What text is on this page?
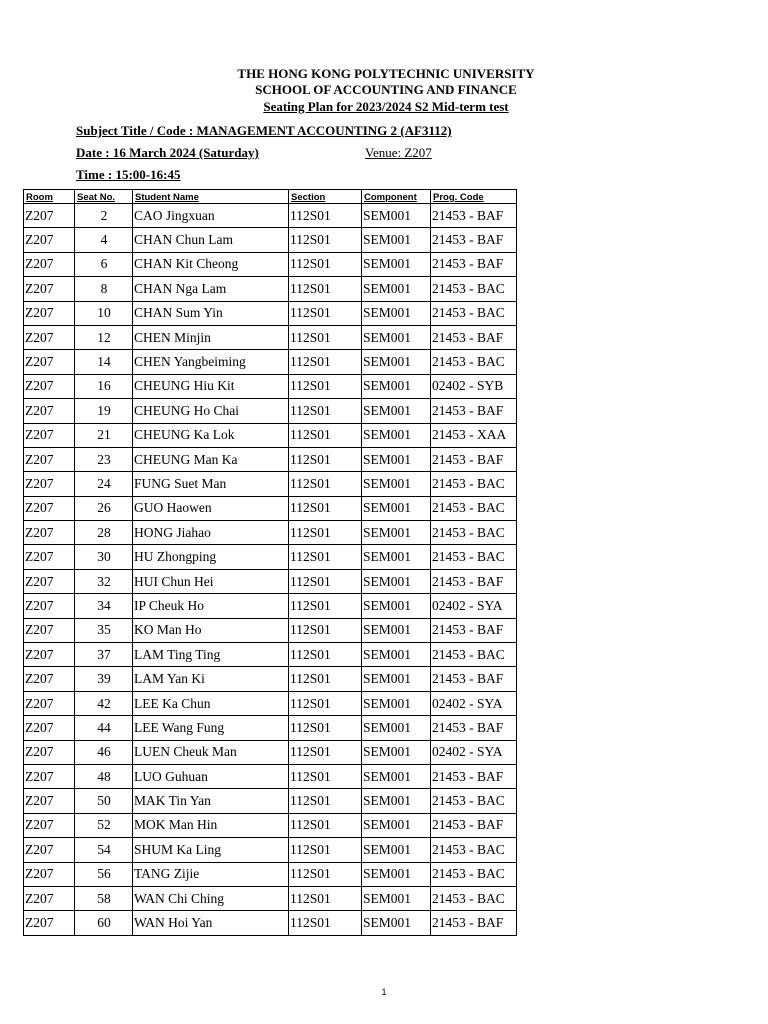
THE HONG KONG POLYTECHNIC UNIVERSITY
SCHOOL OF ACCOUNTING AND FINANCE
Seating Plan for 2023/2024 S2 Mid-term test
Subject Title / Code : MANAGEMENT ACCOUNTING 2 (AF3112)
Date : 16 March 2024 (Saturday)	Venue: Z207
Time : 15:00-16:45
Room	Seat No.	Student Name	Section	Component	Prog. Code
Z207	2	CAO Jingxuan	112S01	SEM001	21453 - BAF
Z207	4	CHAN Chun Lam	112S01	SEM001	21453 - BAF
Z207	6	CHAN Kit Cheong	112S01	SEM001	21453 - BAF
Z207	8	CHAN Nga Lam	112S01	SEM001	21453 - BAC
Z207	10	CHAN Sum Yin	112S01	SEM001	21453 - BAC
Z207	12	CHEN Minjin	112S01	SEM001	21453 - BAF
Z207	14	CHEN Yangbeiming	112S01	SEM001	21453 - BAC
Z207	16	CHEUNG Hiu Kit	112S01	SEM001	02402 - SYB
Z207	19	CHEUNG Ho Chai	112S01	SEM001	21453 - BAF
Z207	21	CHEUNG Ka Lok	112S01	SEM001	21453 - XAA
Z207	23	CHEUNG Man Ka	112S01	SEM001	21453 - BAF
Z207	24	FUNG Suet Man	112S01	SEM001	21453 - BAC
Z207	26	GUO Haowen	112S01	SEM001	21453 - BAC
Z207	28	HONG Jiahao	112S01	SEM001	21453 - BAC
Z207	30	HU Zhongping	112S01	SEM001	21453 - BAC
Z207	32	HUI Chun Hei	112S01	SEM001	21453 - BAF
Z207	34	IP Cheuk Ho	112S01	SEM001	02402 - SYA
Z207	35	KO Man Ho	112S01	SEM001	21453 - BAF
Z207	37	LAM Ting Ting	112S01	SEM001	21453 - BAC
Z207	39	LAM Yan Ki	112S01	SEM001	21453 - BAF
Z207	42	LEE Ka Chun	112S01	SEM001	02402 - SYA
Z207	44	LEE Wang Fung	112S01	SEM001	21453 - BAF
Z207	46	LUEN Cheuk Man	112S01	SEM001	02402 - SYA
Z207	48	LUO Guhuan	112S01	SEM001	21453 - BAF
Z207	50	MAK Tin Yan	112S01	SEM001	21453 - BAC
Z207	52	MOK Man Hin	112S01	SEM001	21453 - BAF
Z207	54	SHUM Ka Ling	112S01	SEM001	21453 - BAC
Z207	56	TANG Zijie	112S01	SEM001	21453 - BAC
Z207	58	WAN Chi Ching	112S01	SEM001	21453 - BAC
Z207	60	WAN Hoi Yan	112S01	SEM001	21453 - BAF
1
